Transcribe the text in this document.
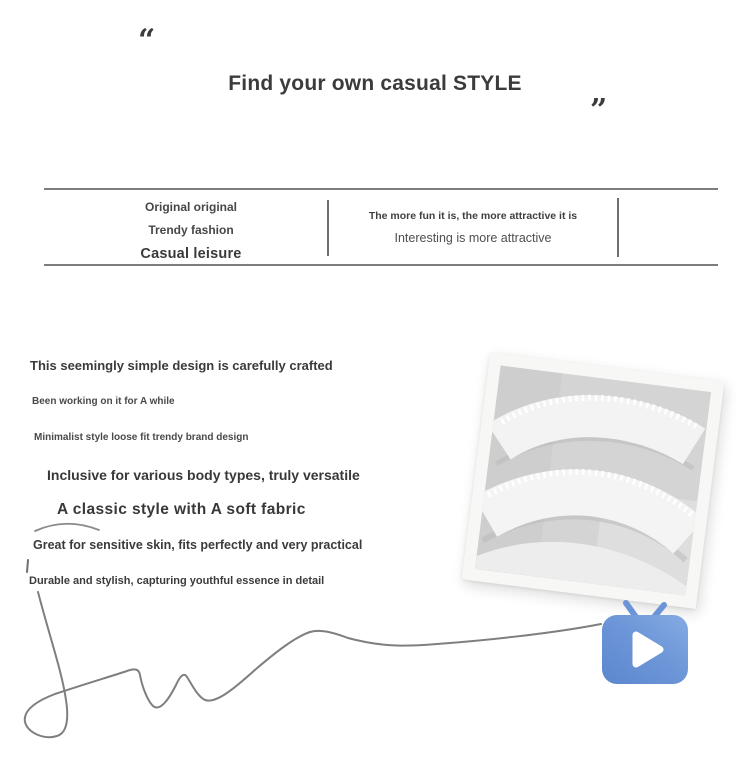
“
Find your own casual STYLE
”
Original original
Trendy fashion
Casual leisure
The more fun it is, the more attractive it is
Interesting is more attractive
This seemingly simple design is carefully crafted
Been working on it for A while
Minimalist style loose fit trendy brand design
Inclusive for various body types, truly versatile
A classic style with A soft fabric
Great for sensitive skin, fits perfectly and very practical
Durable and stylish, capturing youthful essence in detail
